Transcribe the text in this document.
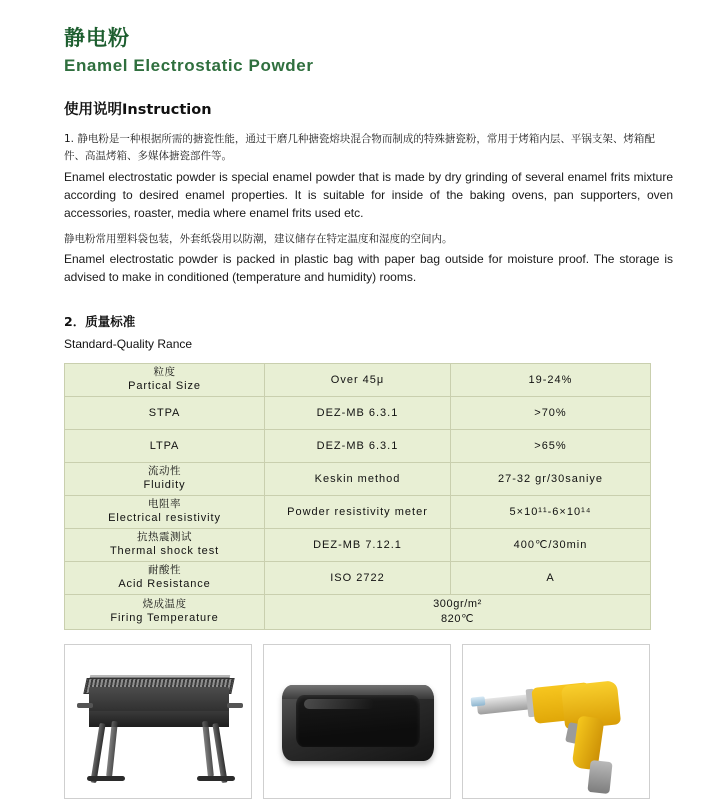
静电粉
Enamel Electrostatic Powder
使用说明Instruction

1. 静电粉是一种根据所需的搪瓷性能，通过干磨几种搪瓷熔块混合物而制成的特殊搪瓷粉，常用于烤箱内层、平锅支架、烤箱配件、高温烤箱、多媒体搪瓷部件等。

Enamel electrostatic powder is special enamel powder that is made by dry grinding of several enamel frits mixture according to desired enamel properties. It is suitable for inside of the baking ovens, pan supporters, oven accessories, roaster, media where enamel frits used etc.

静电粉常用塑料袋包装，外套纸袋用以防潮，建议储存在特定温度和湿度的空间内。

Enamel electrostatic powder is packed in plastic bag with paper bag outside for moisture proof. The storage is advised to make in conditioned (temperature and humidity) rooms.

2．质量标准
Standard-Quality Rance
粒度
Partical Size	Over 45μ	19-24%

STPA	DEZ-MB 6.3.1	>70%

LTPA	DEZ-MB 6.3.1	>65%

流动性
Fluidity	Keskin method	27-32 gr/30saniye

电阻率
Electrical resistivity	Powder resistivity meter	5×10¹¹-6×10¹⁴

抗热震测试
Thermal shock test	DEZ-MB 7.12.1	400℃/30min

耐酸性
Acid Resistance	ISO 2722	A

烧成温度
Firing Temperature	300gr/m²
820℃	
